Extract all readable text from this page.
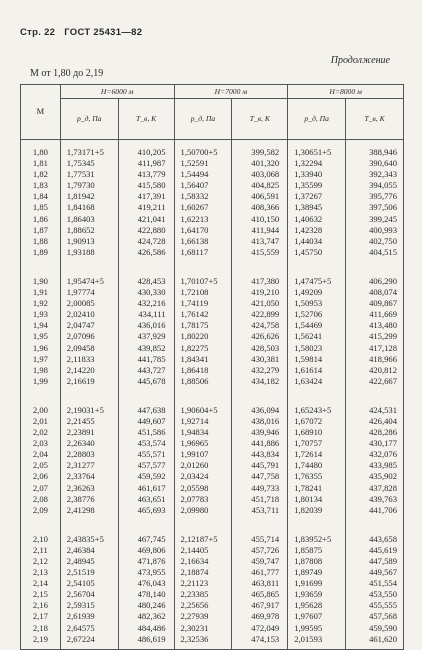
Стр. 22 ГОСТ 25431—82
Продолжение
M от 1,80 до 2,19
M	H=6000 м		H=7000 м		H=8000 м	
	p_д, Па	T_в, К	p_д, Па	T_в, К	p_д, Па	T_в, К

1,80	1,73171+5	410,205	1,50700+5	399,582	1,30651+5	388,946
1,81	1,75345	411,987	1,52591	401,320	1,32294	390,640
1,82	1,77531	413,779	1,54494	403,068	1,33940	392,343
1,83	1,79730	415,580	1,56407	404,825	1,35599	394,055
1,84	1,81942	417,391	1,58332	406,591	1,37267	395,776
1,85	1,84168	419,211	1,60267	408,366	1,38945	397,506
1,86	1,86403	421,041	1,62213	410,150	1,40632	399,245
1,87	1,88652	422,880	1,64170	411,944	1,42328	400,993
1,88	1,90913	424,728	1,66138	413,747	1,44034	402,750
1,89	1,93188	426,586	1,68117	415,559	1,45750	404,515

1,90	1,95474+5	428,453	1,70107+5	417,380	1,47475+5	406,290
1,91	1,97774	430,330	1,72108	419,210	1,49209	408,074
1,92	2,00085	432,216	1,74119	421,050	1,50953	409,867
1,93	2,02410	434,111	1,76142	422,899	1,52706	411,669
1,94	2,04747	436,016	1,78175	424,758	1,54469	413,480
1,95	2,07096	437,929	1,80220	426,626	1,56241	415,299
1,96	2,09458	439,852	1,82275	428,503	1,58023	417,128
1,97	2,11833	441,785	1,84341	430,381	1,59814	418,966
1,98	2,14220	443,727	1,86418	432,279	1,61614	420,812
1,99	2,16619	445,678	1,88506	434,182	1,63424	422,667

2,00	2,19031+5	447,638	1,90604+5	436,094	1,65243+5	424,531
2,01	2,21455	449,607	1,92714	438,016	1,67072	426,404
2,02	2,23891	451,586	1,94834	439,946	1,68910	428,286
2,03	2,26340	453,574	1,96965	441,886	1,70757	430,177
2,04	2,28803	455,571	1,99107	443,834	1,72614	432,076
2,05	2,31277	457,577	2,01260	445,791	1,74480	433,985
2,06	2,33764	459,592	2,03424	447,758	1,76355	435,902
2,07	2,36263	461,617	2,05598	449,733	1,78241	437,828
2,08	2,38776	463,651	2,07783	451,718	1,80134	439,763
2,09	2,41298	465,693	2,09980	453,711	1,82039	441,706

2,10	2,43835+5	467,745	2,12187+5	455,714	1,83952+5	443,658
2,11	2,46384	469,806	2,14405	457,726	1,85875	445,619
2,12	2,48945	471,876	2,16634	459,747	1,87808	447,589
2,13	2,51519	473,955	2,18874	461,777	1,89749	449,567
2,14	2,54105	476,043	2,21123	463,811	1,91699	451,554
2,15	2,56704	478,140	2,23385	465,865	1,93659	453,550
2,16	2,59315	480,246	2,25656	467,917	1,95628	455,555
2,17	2,61939	482,362	2,27939	469,978	1,97607	457,568
2,18	2,64575	484,486	2,30231	472,049	1,99595	459,590
2,19	2,67224	486,619	2,32536	474,153	2,01593	461,620
